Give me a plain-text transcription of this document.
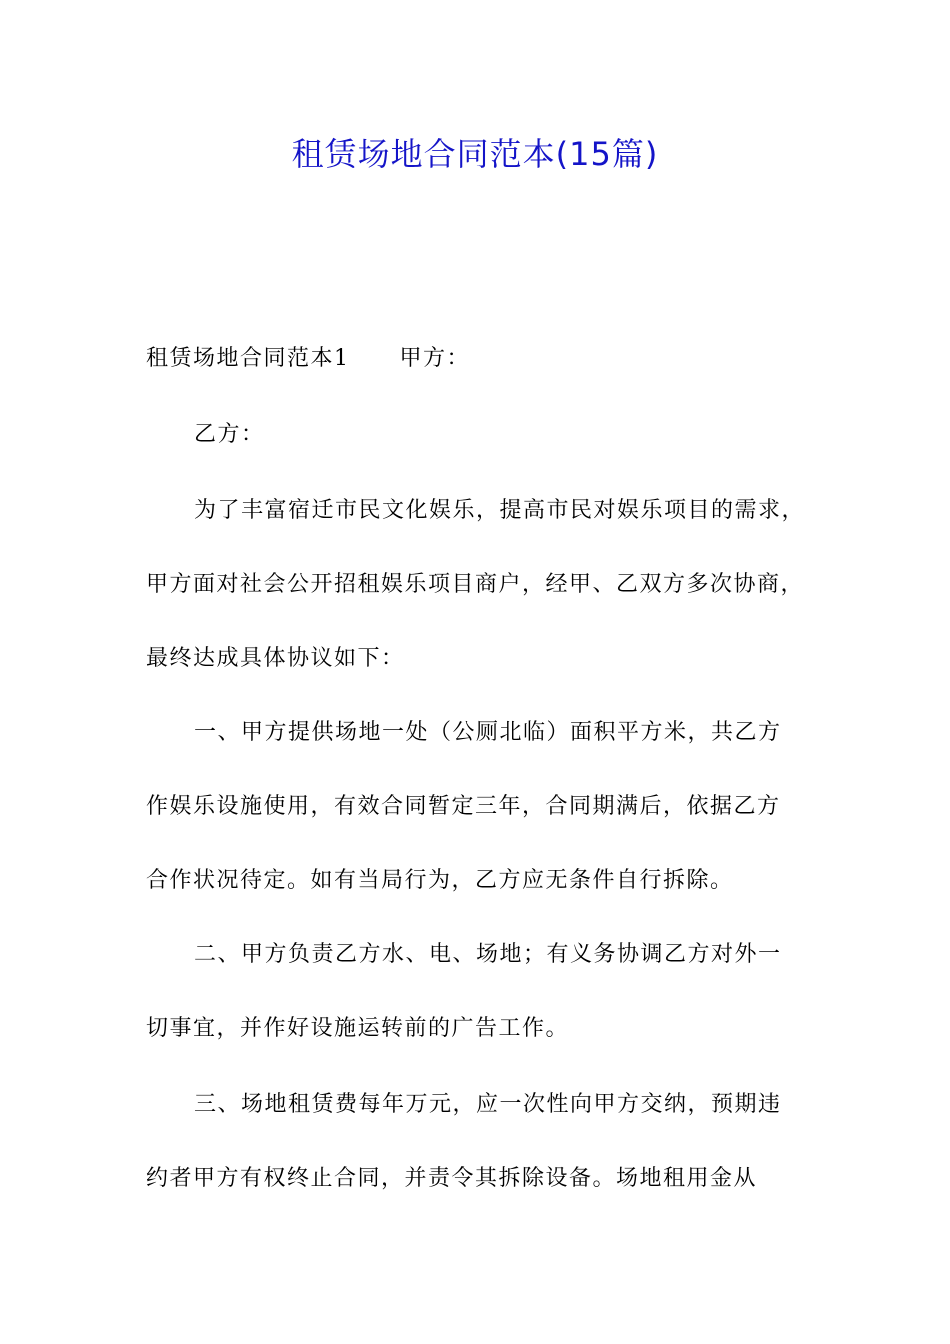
租赁场地合同范本(15篇)
租赁场地合同范本1 甲方：
乙方：
为了丰富宿迁市民文化娱乐，提高市民对娱乐项目的需求，
甲方面对社会公开招租娱乐项目商户，经甲、乙双方多次协商，
最终达成具体协议如下：
一、甲方提供场地一处（公厕北临）面积平方米，共乙方
作娱乐设施使用，有效合同暂定三年，合同期满后，依据乙方
合作状况待定。如有当局行为，乙方应无条件自行拆除。
二、甲方负责乙方水、电、场地；有义务协调乙方对外一
切事宜，并作好设施运转前的广告工作。
三、场地租赁费每年万元，应一次性向甲方交纳，预期违
约者甲方有权终止合同，并责令其拆除设备。场地租用金从
